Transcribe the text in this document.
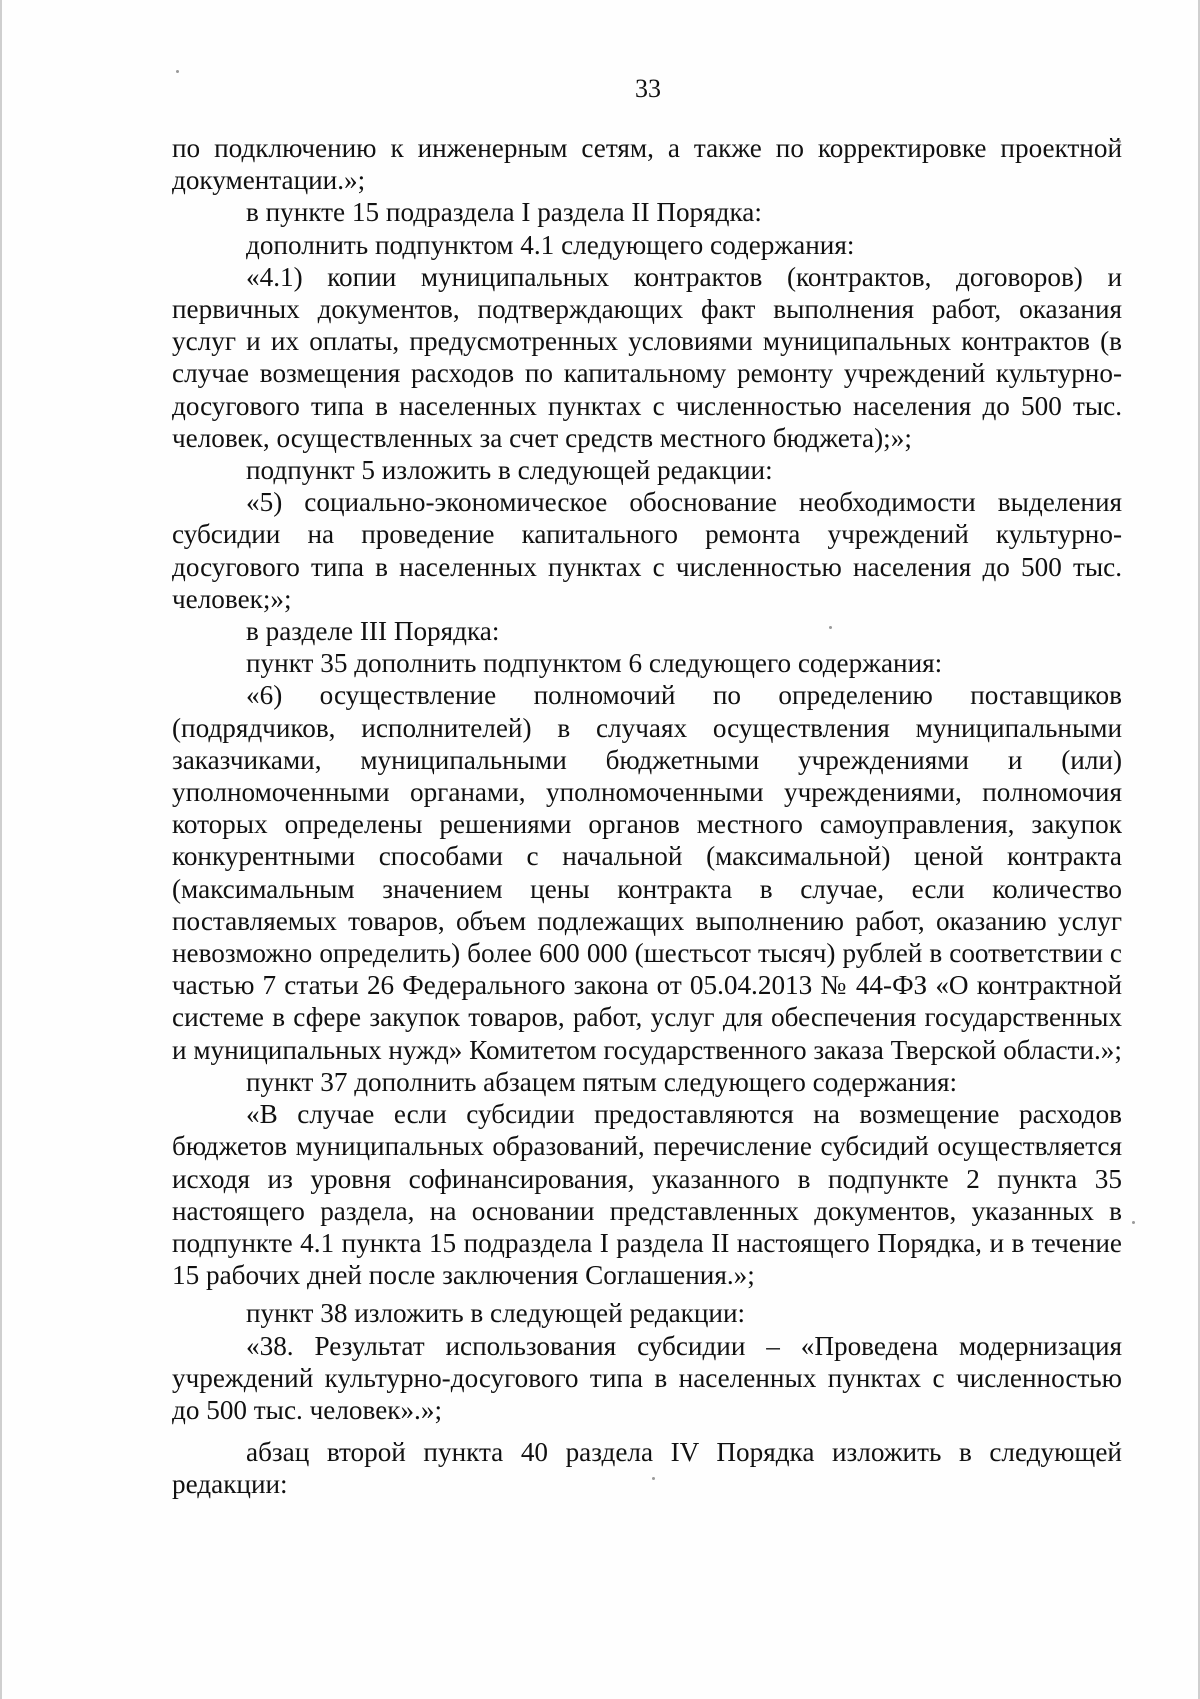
33

по подключению к инженерным сетям, а также по корректировке проектной документации.»;

в пункте 15 подраздела I раздела II Порядка:

дополнить подпунктом 4.1 следующего содержания:

«4.1) копии муниципальных контрактов (контрактов, договоров) и первичных документов, подтверждающих факт выполнения работ, оказания услуг и их оплаты, предусмотренных условиями муниципальных контрактов (в случае возмещения расходов по капитальному ремонту учреждений культурно-досугового типа в населенных пунктах с численностью населения до 500 тыс. человек, осуществленных за счет средств местного бюджета);»;

подпункт 5 изложить в следующей редакции:

«5) социально-экономическое обоснование необходимости выделения субсидии на проведение капитального ремонта учреждений культурно-досугового типа в населенных пунктах с численностью населения до 500 тыс. человек;»;

в разделе III Порядка:

пункт 35 дополнить подпунктом 6 следующего содержания:

«6) осуществление полномочий по определению поставщиков (подрядчиков, исполнителей) в случаях осуществления муниципальными заказчиками, муниципальными бюджетными учреждениями и (или) уполномоченными органами, уполномоченными учреждениями, полномочия которых определены решениями органов местного самоуправления, закупок конкурентными способами с начальной (максимальной) ценой контракта (максимальным значением цены контракта в случае, если количество поставляемых товаров, объем подлежащих выполнению работ, оказанию услуг невозможно определить) более 600 000 (шестьсот тысяч) рублей в соответствии с частью 7 статьи 26 Федерального закона от 05.04.2013 № 44-ФЗ «О контрактной системе в сфере закупок товаров, работ, услуг для обеспечения государственных и муниципальных нужд» Комитетом государственного заказа Тверской области.»;

пункт 37 дополнить абзацем пятым следующего содержания:

«В случае если субсидии предоставляются на возмещение расходов бюджетов муниципальных образований, перечисление субсидий осуществляется исходя из уровня софинансирования, указанного в подпункте 2 пункта 35 настоящего раздела, на основании представленных документов, указанных в подпункте 4.1 пункта 15 подраздела I раздела II настоящего Порядка, и в течение 15 рабочих дней после заключения Соглашения.»;

пункт 38 изложить в следующей редакции:

«38. Результат использования субсидии – «Проведена модернизация учреждений культурно-досугового типа в населенных пунктах с численностью до 500 тыс. человек».»;

абзац второй пункта 40 раздела IV Порядка изложить в следующей редакции:
